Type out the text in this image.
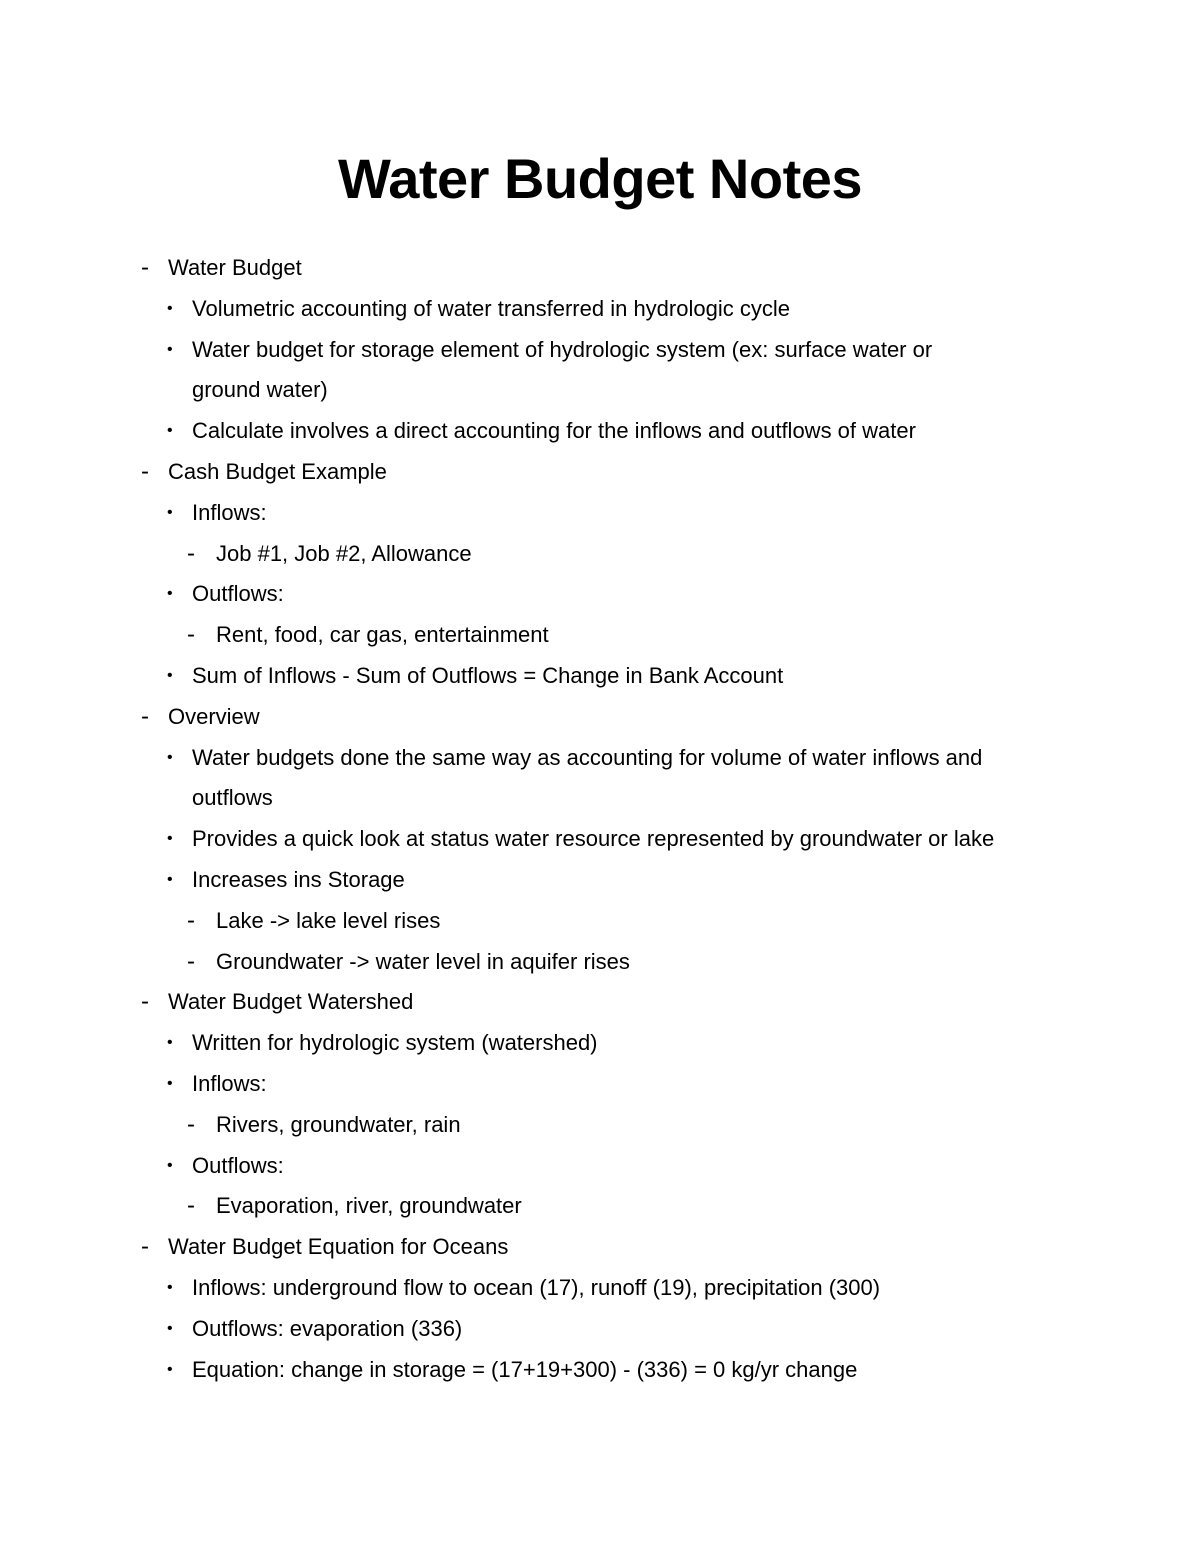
Water Budget Notes
- Water Budget
• Volumetric accounting of water transferred in hydrologic cycle
• Water budget for storage element of hydrologic system (ex: surface water or
ground water)
• Calculate involves a direct accounting for the inflows and outflows of water
- Cash Budget Example
• Inflows:
- Job #1, Job #2, Allowance
• Outflows:
- Rent, food, car gas, entertainment
• Sum of Inflows - Sum of Outflows = Change in Bank Account
- Overview
• Water budgets done the same way as accounting for volume of water inflows and
outflows
• Provides a quick look at status water resource represented by groundwater or lake
• Increases ins Storage
- Lake -> lake level rises
- Groundwater -> water level in aquifer rises
- Water Budget Watershed
• Written for hydrologic system (watershed)
• Inflows:
- Rivers, groundwater, rain
• Outflows:
- Evaporation, river, groundwater
- Water Budget Equation for Oceans
• Inflows: underground flow to ocean (17), runoff (19), precipitation (300)
• Outflows: evaporation (336)
• Equation: change in storage = (17+19+300) - (336) = 0 kg/yr change
